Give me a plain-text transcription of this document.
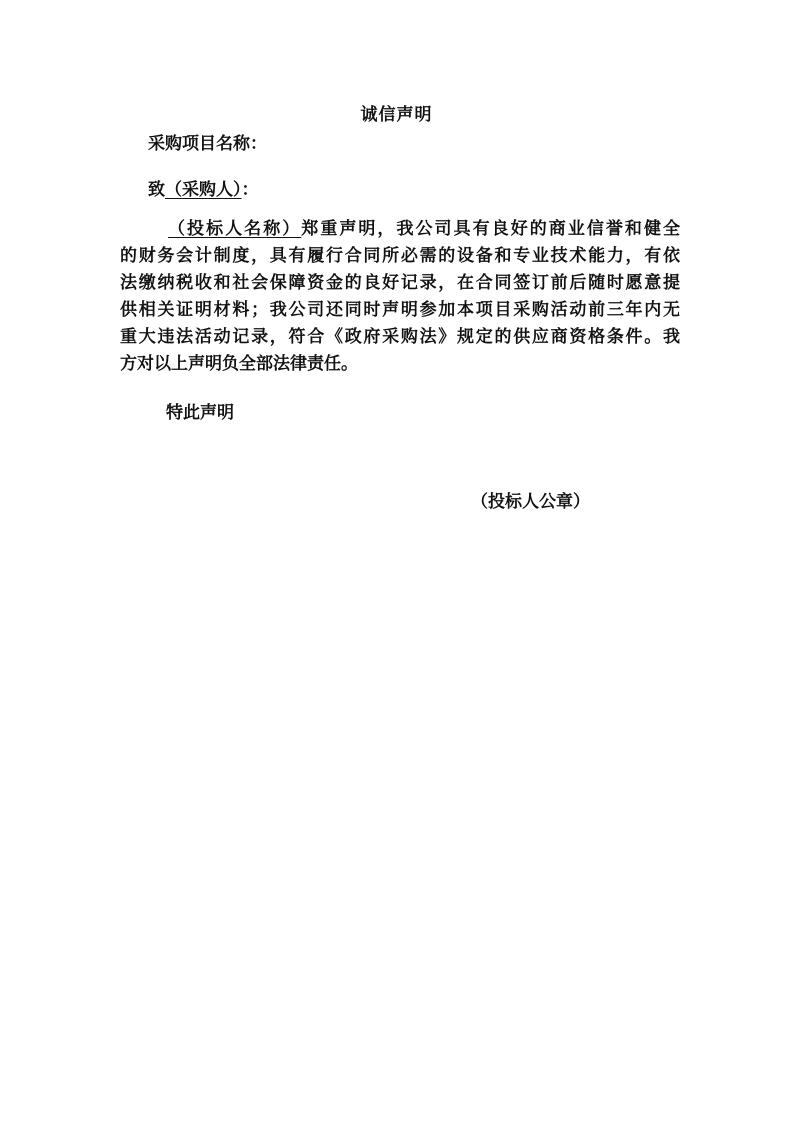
诚信声明
采购项目名称：
致（采购人）：
（投标人名称）郑重声明，我公司具有良好的商业信誉和健全
的财务会计制度，具有履行合同所必需的设备和专业技术能力，有依
法缴纳税收和社会保障资金的良好记录，在合同签订前后随时愿意提
供相关证明材料；我公司还同时声明参加本项目采购活动前三年内无
重大违法活动记录，符合《政府采购法》规定的供应商资格条件。我
方对以上声明负全部法律责任。
特此声明
（投标人公章）
